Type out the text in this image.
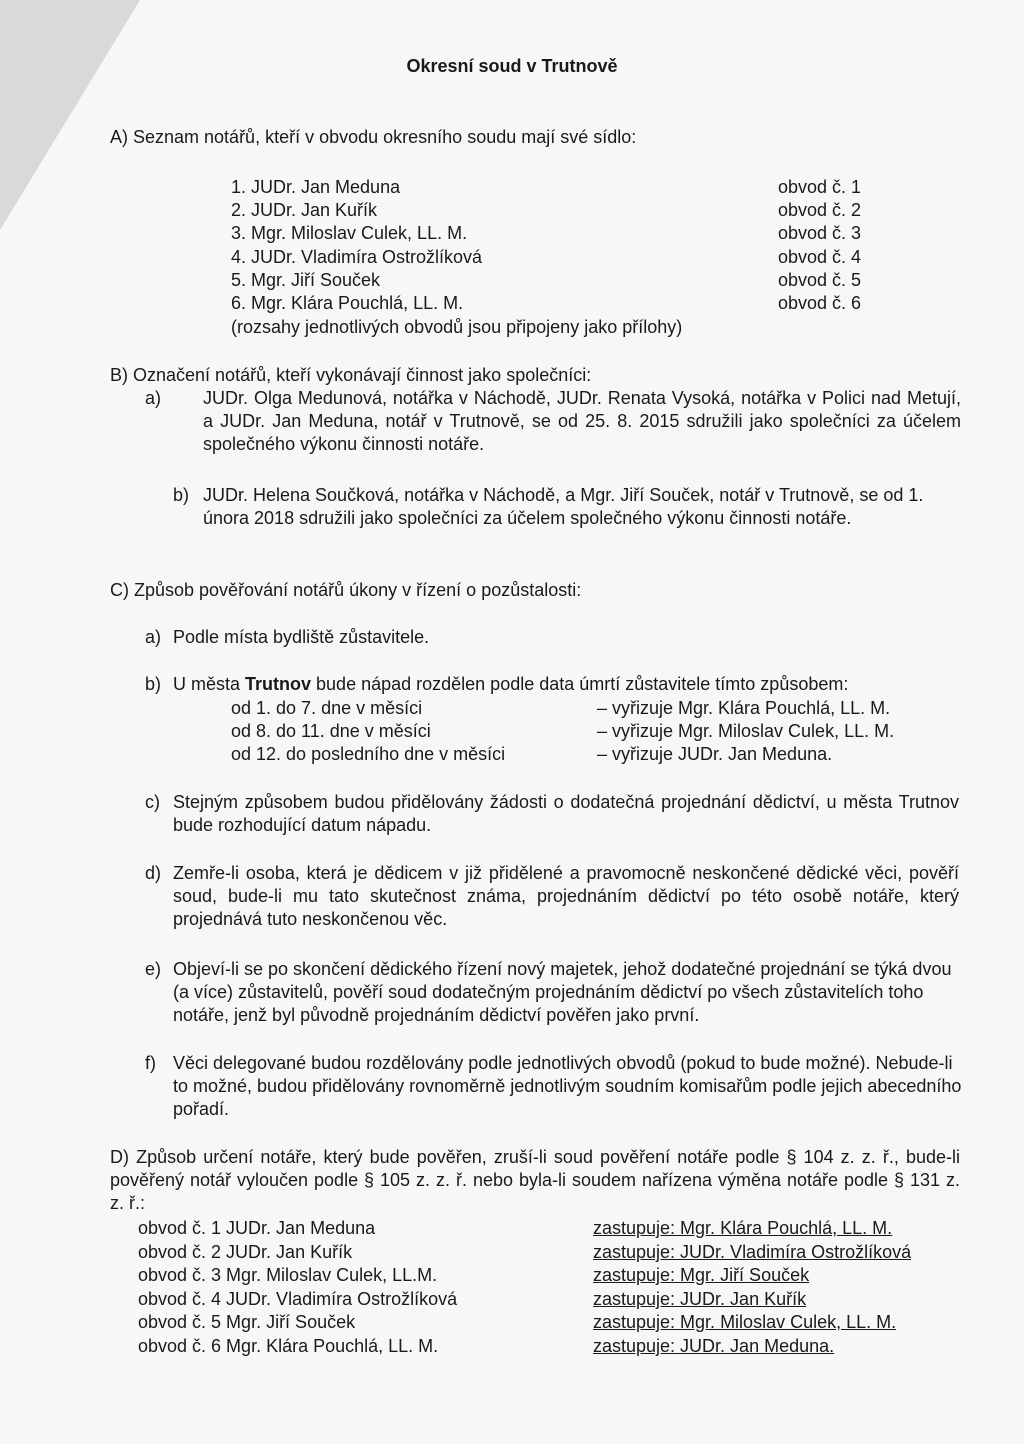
Okresní soud v Trutnově
A) Seznam notářů, kteří v obvodu okresního soudu mají své sídlo:
1. JUDr. Jan Meduna	obvod č. 1
2. JUDr. Jan Kuřík	obvod č. 2
3. Mgr. Miloslav Culek, LL. M.	obvod č. 3
4. JUDr. Vladimíra Ostrožlíková	obvod č. 4
5. Mgr. Jiří Souček	obvod č. 5
6. Mgr. Klára Pouchlá, LL. M.	obvod č. 6
(rozsahy jednotlivých obvodů jsou připojeny jako přílohy)
B) Označení notářů, kteří vykonávají činnost jako společníci:
a) JUDr. Olga Medunová, notářka v Náchodě, JUDr. Renata Vysoká, notářka v Polici nad Metují, a JUDr. Jan Meduna, notář v Trutnově, se od 25. 8. 2015 sdružili jako společníci za účelem společného výkonu činnosti notáře.
b) JUDr. Helena Součková, notářka v Náchodě, a Mgr. Jiří Souček, notář v Trutnově, se od 1. února 2018 sdružili jako společníci za účelem společného výkonu činnosti notáře.
C) Způsob pověřování notářů úkony v řízení o pozůstalosti:
a) Podle místa bydliště zůstavitele.
b) U města Trutnov bude nápad rozdělen podle data úmrtí zůstavitele tímto způsobem:
od 1. do 7. dne v měsíci	– vyřizuje Mgr. Klára Pouchlá, LL. M.
od 8. do 11. dne v měsíci	– vyřizuje Mgr. Miloslav Culek, LL. M.
od 12. do posledního dne v měsíci	– vyřizuje JUDr. Jan Meduna.
c) Stejným způsobem budou přidělovány žádosti o dodatečná projednání dědictví, u města Trutnov bude rozhodující datum nápadu.
d) Zemře-li osoba, která je dědicem v již přidělené a pravomocně neskončené dědické věci, pověří soud, bude-li mu tato skutečnost známa, projednáním dědictví po této osobě notáře, který projednává tuto neskončenou věc.
e) Objeví-li se po skončení dědického řízení nový majetek, jehož dodatečné projednání se týká dvou (a více) zůstavitelů, pověří soud dodatečným projednáním dědictví po všech zůstavitelích toho notáře, jenž byl původně projednáním dědictví pověřen jako první.
f) Věci delegované budou rozdělovány podle jednotlivých obvodů (pokud to bude možné). Nebude-li to možné, budou přidělovány rovnoměrně jednotlivým soudním komisařům podle jejich abecedního pořadí.
D) Způsob určení notáře, který bude pověřen, zruší-li soud pověření notáře podle § 104 z. z. ř., bude-li pověřený notář vyloučen podle § 105 z. z. ř. nebo byla-li soudem nařízena výměna notáře podle § 131 z. z. ř.:
obvod č. 1 JUDr. Jan Meduna	zastupuje: Mgr. Klára Pouchlá, LL. M.
obvod č. 2 JUDr. Jan Kuřík	zastupuje: JUDr. Vladimíra Ostrožlíková
obvod č. 3 Mgr. Miloslav Culek, LL.M.	zastupuje: Mgr. Jiří Souček
obvod č. 4 JUDr. Vladimíra Ostrožlíková	zastupuje: JUDr. Jan Kuřík
obvod č. 5 Mgr. Jiří Souček	zastupuje: Mgr. Miloslav Culek, LL. M.
obvod č. 6 Mgr. Klára Pouchlá, LL. M.	zastupuje: JUDr. Jan Meduna.
